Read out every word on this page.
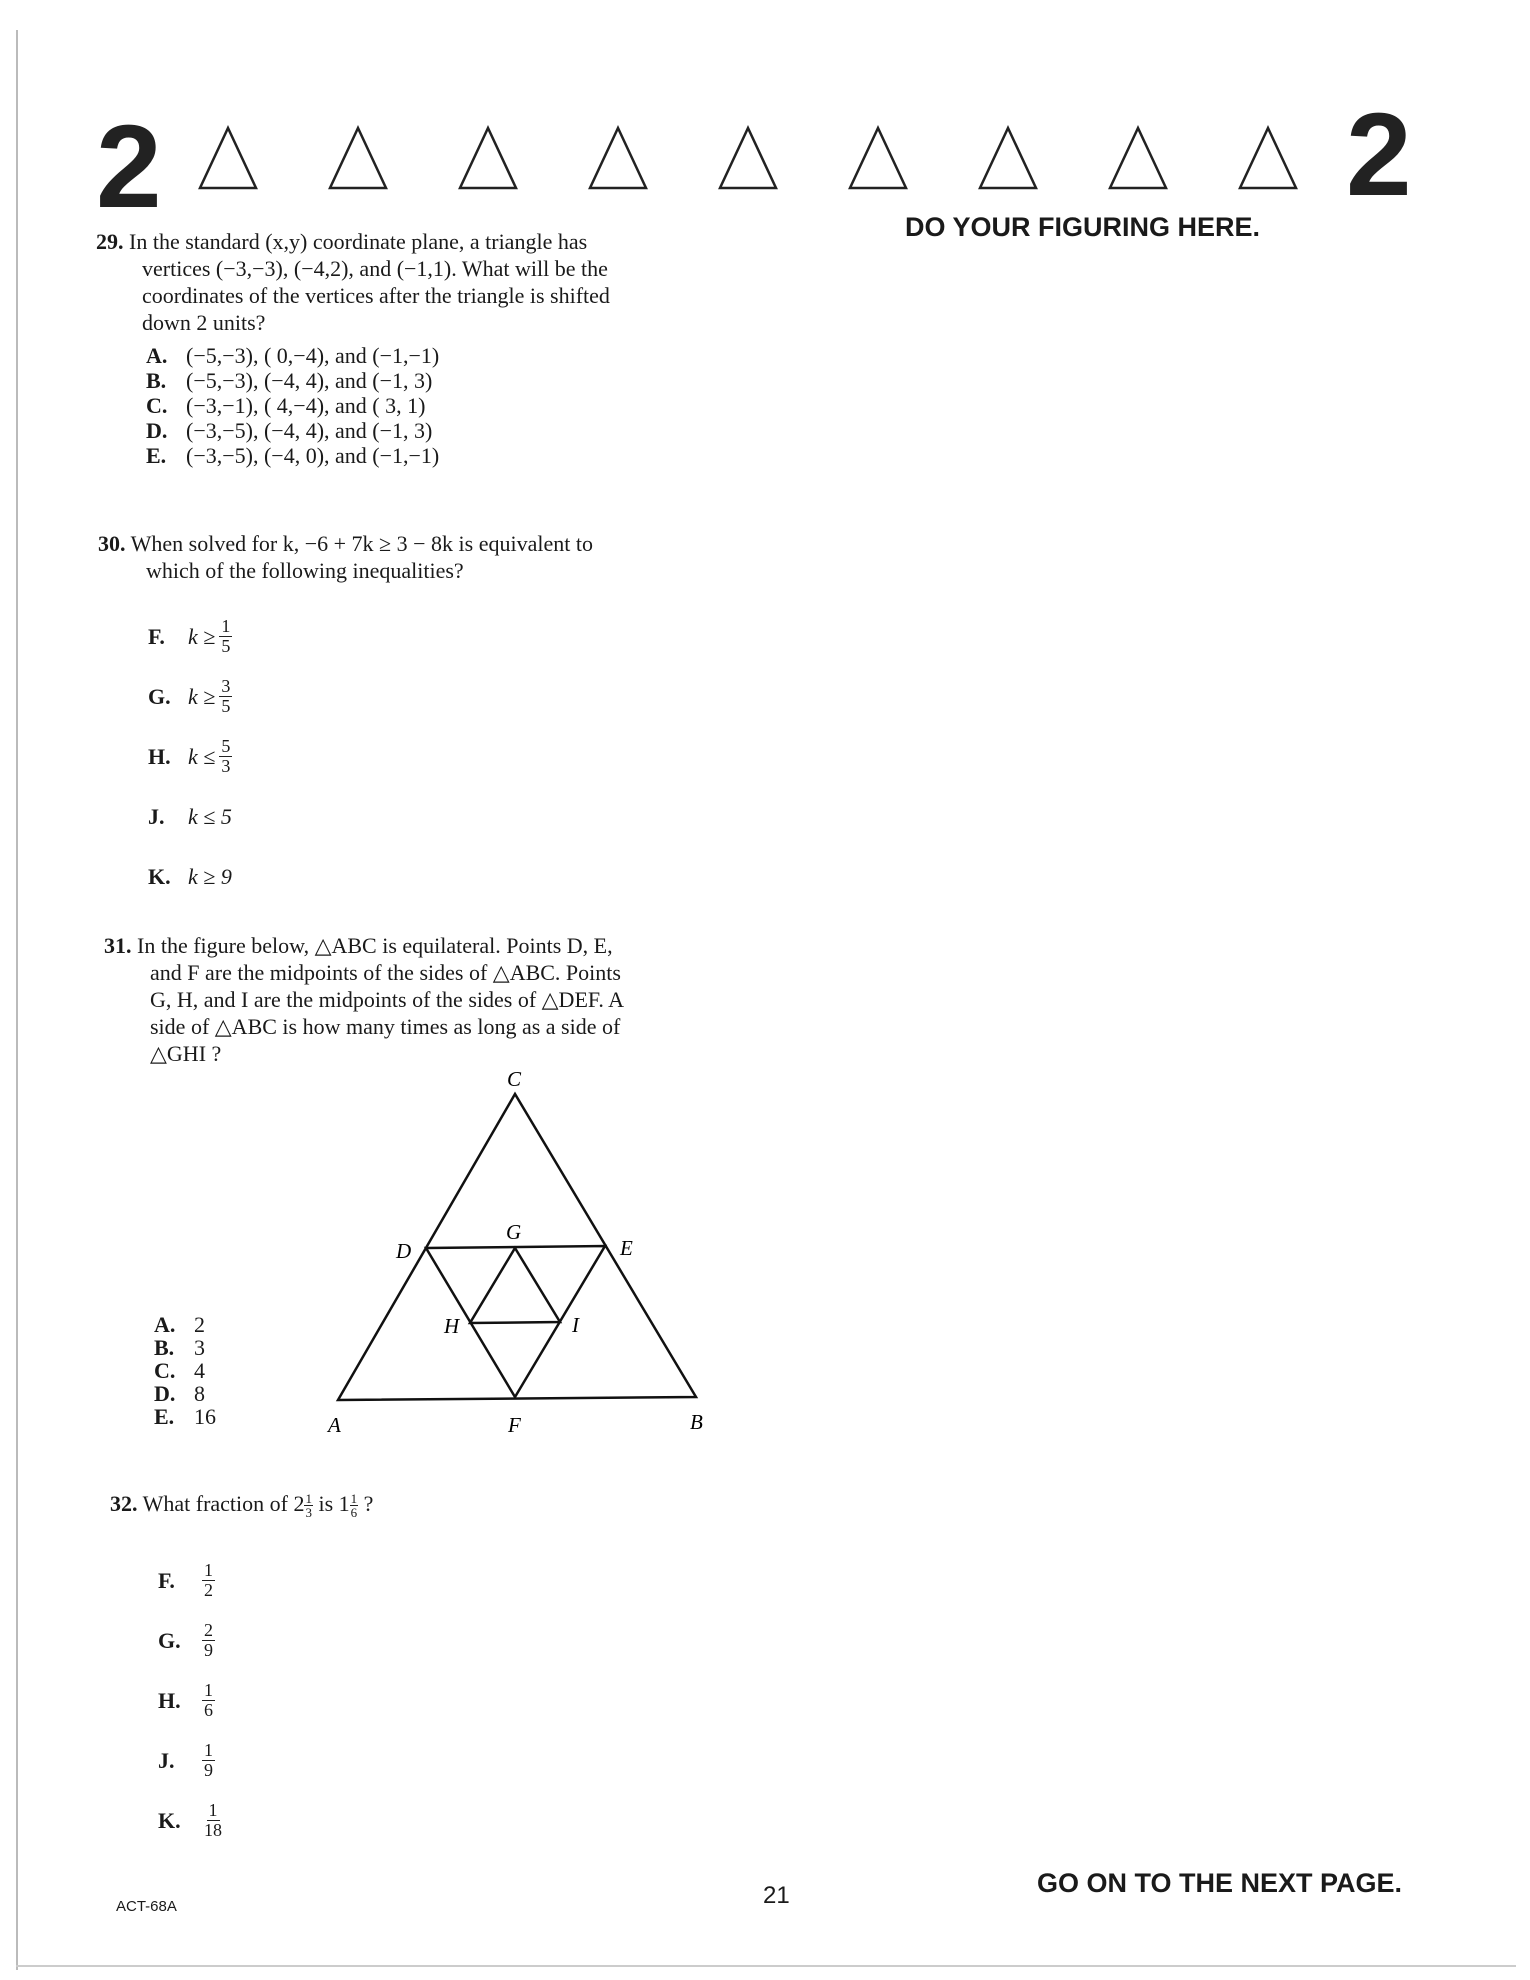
2	2
DO YOUR FIGURING HERE.
29. In the standard (x,y) coordinate plane, a triangle has
vertices (−3,−3), (−4,2), and (−1,1). What will be the
coordinates of the vertices after the triangle is shifted
down 2 units?
A. (−5,−3), ( 0,−4), and (−1,−1)
B. (−5,−3), (−4, 4), and (−1, 3)
C. (−3,−1), ( 4,−4), and ( 3, 1)
D. (−3,−5), (−4, 4), and (−1, 3)
E. (−3,−5), (−4, 0), and (−1,−1)
30. When solved for k, −6 + 7k ≥ 3 − 8k is equivalent to
which of the following inequalities?
F.	$k \ge \frac{1}{5}$
G. $k \ge \frac{3}{5}$
H. $k \le \frac{5}{3}$
J.	k ≤ 5
K. k ≥ 9
31. In the figure below, △ABC is equilateral. Points D, E,
and F are the midpoints of the sides of △ABC. Points
G, H, and I are the midpoints of the sides of △DEF. A
side of △ABC is how many times as long as a side of
△GHI ?
A. 2
B. 3
C. 4
D. 8
E. 16
C
D
G
E
H	I
A	F	B
32. What fraction of $2 \frac{1}{3}$ is $1 \frac{1}{6}$ ?
F.	$\frac{1}{2}$
G.	$\frac{2}{9}$
H.	$\frac{1}{6}$
J.	$\frac{1}{9}$
K.	$\frac{1}{18}$
ACT-68A	21	GO ON TO THE NEXT PAGE.
